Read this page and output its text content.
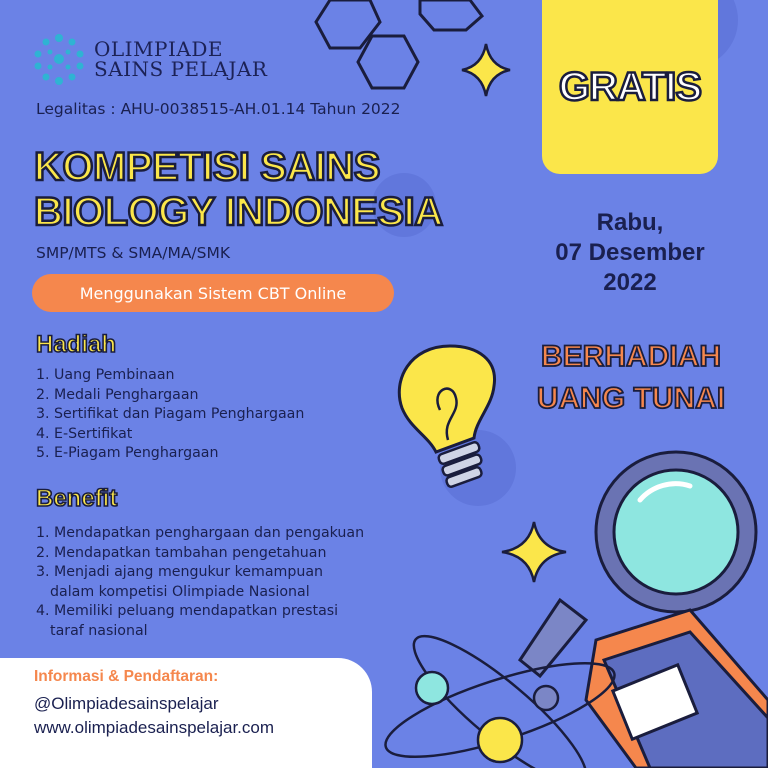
OLIMPIADE
SAINS PELAJAR
Legalitas : AHU-0038515-AH.01.14 Tahun 2022
KOMPETISI SAINS
BIOLOGY INDONESIA
SMP/MTS & SMA/MA/SMK
Menggunakan Sistem CBT Online
Hadiah
1. Uang Pembinaan
2. Medali Penghargaan
3. Sertifikat dan Piagam Penghargaan
4. E-Sertifikat
5. E-Piagam Penghargaan
Benefit
1. Mendapatkan penghargaan dan pengakuan
2. Mendapatkan tambahan pengetahuan
3. Menjadi ajang mengukur kemampuan
dalam kompetisi Olimpiade Nasional
4. Memiliki peluang mendapatkan prestasi
taraf nasional
GRATIS
Rabu,
07 Desember
2022
BERHADIAH
UANG TUNAI
Informasi & Pendaftaran:
@Olimpiadesainspelajar
www.olimpiadesainspelajar.com
